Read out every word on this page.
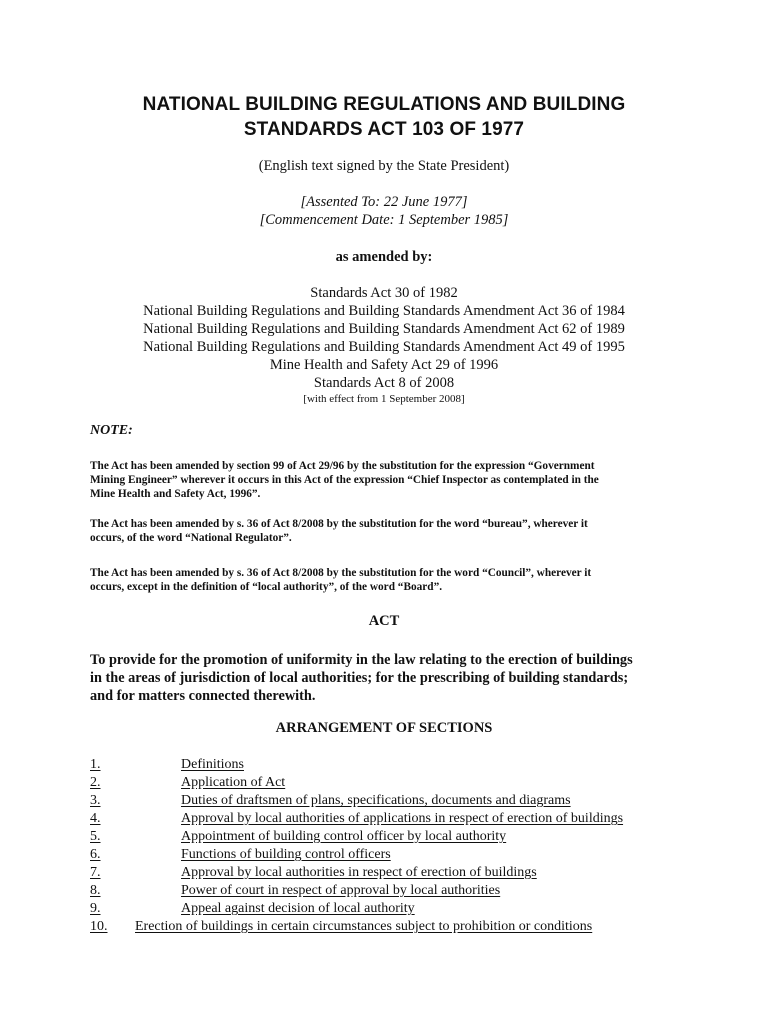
NATIONAL BUILDING REGULATIONS AND BUILDING
STANDARDS ACT 103 OF 1977
(English text signed by the State President)
[Assented To: 22 June 1977]
[Commencement Date: 1 September 1985]
as amended by:
Standards Act 30 of 1982
National Building Regulations and Building Standards Amendment Act 36 of 1984
National Building Regulations and Building Standards Amendment Act 62 of 1989
National Building Regulations and Building Standards Amendment Act 49 of 1995
Mine Health and Safety Act 29 of 1996
Standards Act 8 of 2008
[with effect from 1 September 2008]
NOTE:
The Act has been amended by section 99 of Act 29/96 by the substitution for the expression “Government
Mining Engineer” wherever it occurs in this Act of the expression “Chief Inspector as contemplated in the
Mine Health and Safety Act, 1996”.
The Act has been amended by s. 36 of Act 8/2008 by the substitution for the word “bureau”, wherever it
occurs, of the word “National Regulator”.
The Act has been amended by s. 36 of Act 8/2008 by the substitution for the word “Council”, wherever it
occurs, except in the definition of “local authority”, of the word “Board”.
ACT
To provide for the promotion of uniformity in the law relating to the erection of buildings
in the areas of jurisdiction of local authorities; for the prescribing of building standards;
and for matters connected therewith.
ARRANGEMENT OF SECTIONS
1.	Definitions
2.	Application of Act
3.	Duties of draftsmen of plans, specifications, documents and diagrams
4.	Approval by local authorities of applications in respect of erection of buildings
5.	Appointment of building control officer by local authority
6.	Functions of building control officers
7.	Approval by local authorities in respect of erection of buildings
8.	Power of court in respect of approval by local authorities
9.	Appeal against decision of local authority
10. Erection of buildings in certain circumstances subject to prohibition or conditions
